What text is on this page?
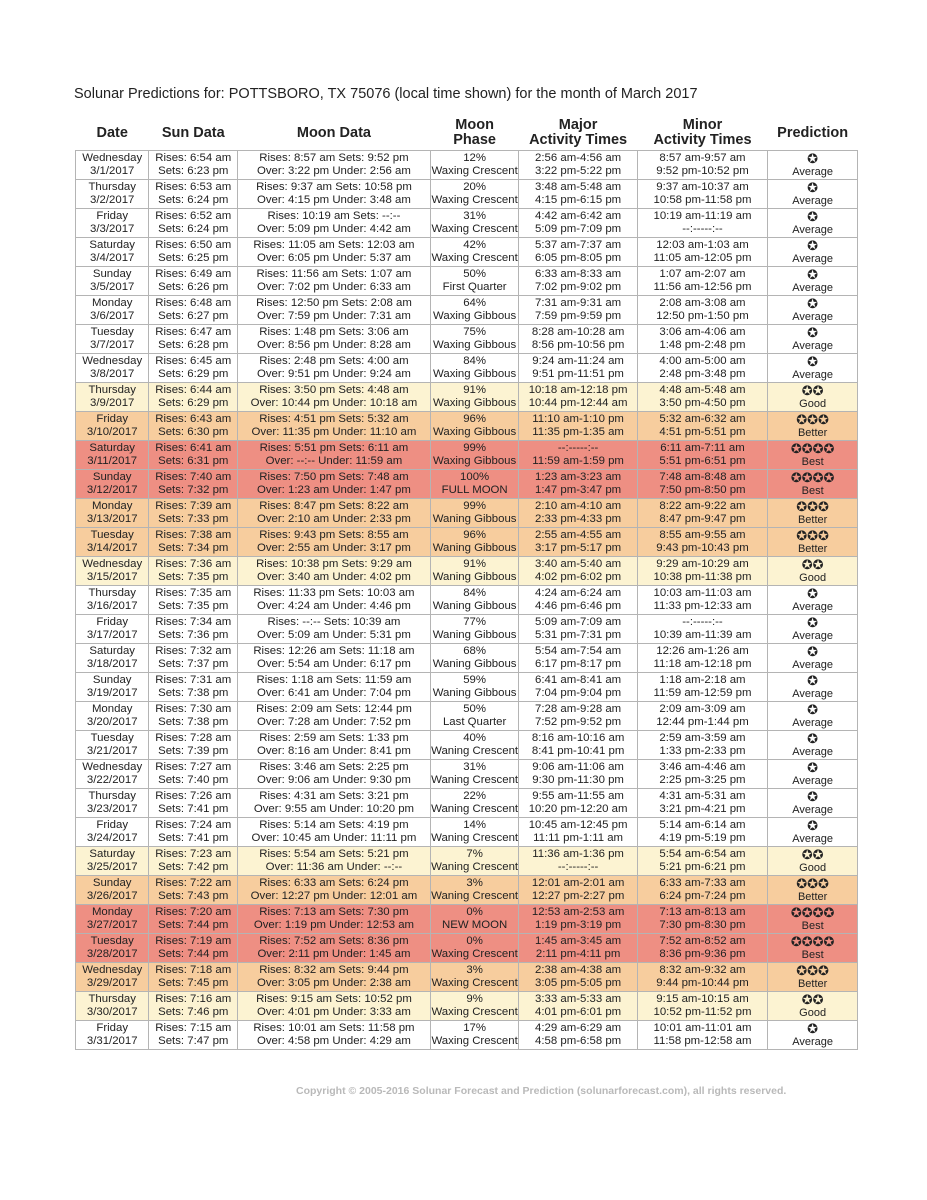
Solunar Predictions for: POTTSBORO, TX 75076 (local time shown) for the month of March 2017
Date	Sun Data	Moon Data	Moon
Phase	Major
Activity Times	Minor
Activity Times	Prediction

Wednesday
3/1/2017	Rises: 6:54 am
Sets: 6:23 pm	Rises: 8:57 am Sets: 9:52 pm
Over: 3:22 pm Under: 2:56 am	12%
Waxing Crescent	2:56 am-4:56 am
3:22 pm-5:22 pm	8:57 am-9:57 am
9:52 pm-10:52 pm	✪
Average

Thursday
3/2/2017	Rises: 6:53 am
Sets: 6:24 pm	Rises: 9:37 am Sets: 10:58 pm
Over: 4:15 pm Under: 3:48 am	20%
Waxing Crescent	3:48 am-5:48 am
4:15 pm-6:15 pm	9:37 am-10:37 am
10:58 pm-11:58 pm	✪
Average

Friday
3/3/2017	Rises: 6:52 am
Sets: 6:24 pm	Rises: 10:19 am Sets: --:--
Over: 5:09 pm Under: 4:42 am	31%
Waxing Crescent	4:42 am-6:42 am
5:09 pm-7:09 pm	10:19 am-11:19 am
--:-----:--	✪
Average

Saturday
3/4/2017	Rises: 6:50 am
Sets: 6:25 pm	Rises: 11:05 am Sets: 12:03 am
Over: 6:05 pm Under: 5:37 am	42%
Waxing Crescent	5:37 am-7:37 am
6:05 pm-8:05 pm	12:03 am-1:03 am
11:05 am-12:05 pm	✪
Average

Sunday
3/5/2017	Rises: 6:49 am
Sets: 6:26 pm	Rises: 11:56 am Sets: 1:07 am
Over: 7:02 pm Under: 6:33 am	50%
First Quarter	6:33 am-8:33 am
7:02 pm-9:02 pm	1:07 am-2:07 am
11:56 am-12:56 pm	✪
Average

Monday
3/6/2017	Rises: 6:48 am
Sets: 6:27 pm	Rises: 12:50 pm Sets: 2:08 am
Over: 7:59 pm Under: 7:31 am	64%
Waxing Gibbous	7:31 am-9:31 am
7:59 pm-9:59 pm	2:08 am-3:08 am
12:50 pm-1:50 pm	✪
Average

Tuesday
3/7/2017	Rises: 6:47 am
Sets: 6:28 pm	Rises: 1:48 pm Sets: 3:06 am
Over: 8:56 pm Under: 8:28 am	75%
Waxing Gibbous	8:28 am-10:28 am
8:56 pm-10:56 pm	3:06 am-4:06 am
1:48 pm-2:48 pm	✪
Average

Wednesday
3/8/2017	Rises: 6:45 am
Sets: 6:29 pm	Rises: 2:48 pm Sets: 4:00 am
Over: 9:51 pm Under: 9:24 am	84%
Waxing Gibbous	9:24 am-11:24 am
9:51 pm-11:51 pm	4:00 am-5:00 am
2:48 pm-3:48 pm	✪
Average

Thursday
3/9/2017	Rises: 6:44 am
Sets: 6:29 pm	Rises: 3:50 pm Sets: 4:48 am
Over: 10:44 pm Under: 10:18 am	91%
Waxing Gibbous	10:18 am-12:18 pm
10:44 pm-12:44 am	4:48 am-5:48 am
3:50 pm-4:50 pm	✪✪
Good

Friday
3/10/2017	Rises: 6:43 am
Sets: 6:30 pm	Rises: 4:51 pm Sets: 5:32 am
Over: 11:35 pm Under: 11:10 am	96%
Waxing Gibbous	11:10 am-1:10 pm
11:35 pm-1:35 am	5:32 am-6:32 am
4:51 pm-5:51 pm	✪✪✪
Better

Saturday
3/11/2017	Rises: 6:41 am
Sets: 6:31 pm	Rises: 5:51 pm Sets: 6:11 am
Over: --:-- Under: 11:59 am	99%
Waxing Gibbous	--:-----:--
11:59 am-1:59 pm	6:11 am-7:11 am
5:51 pm-6:51 pm	✪✪✪✪
Best

Sunday
3/12/2017	Rises: 7:40 am
Sets: 7:32 pm	Rises: 7:50 pm Sets: 7:48 am
Over: 1:23 am Under: 1:47 pm	100%
FULL MOON	1:23 am-3:23 am
1:47 pm-3:47 pm	7:48 am-8:48 am
7:50 pm-8:50 pm	✪✪✪✪
Best

Monday
3/13/2017	Rises: 7:39 am
Sets: 7:33 pm	Rises: 8:47 pm Sets: 8:22 am
Over: 2:10 am Under: 2:33 pm	99%
Waning Gibbous	2:10 am-4:10 am
2:33 pm-4:33 pm	8:22 am-9:22 am
8:47 pm-9:47 pm	✪✪✪
Better

Tuesday
3/14/2017	Rises: 7:38 am
Sets: 7:34 pm	Rises: 9:43 pm Sets: 8:55 am
Over: 2:55 am Under: 3:17 pm	96%
Waning Gibbous	2:55 am-4:55 am
3:17 pm-5:17 pm	8:55 am-9:55 am
9:43 pm-10:43 pm	✪✪✪
Better

Wednesday
3/15/2017	Rises: 7:36 am
Sets: 7:35 pm	Rises: 10:38 pm Sets: 9:29 am
Over: 3:40 am Under: 4:02 pm	91%
Waning Gibbous	3:40 am-5:40 am
4:02 pm-6:02 pm	9:29 am-10:29 am
10:38 pm-11:38 pm	✪✪
Good

Thursday
3/16/2017	Rises: 7:35 am
Sets: 7:35 pm	Rises: 11:33 pm Sets: 10:03 am
Over: 4:24 am Under: 4:46 pm	84%
Waning Gibbous	4:24 am-6:24 am
4:46 pm-6:46 pm	10:03 am-11:03 am
11:33 pm-12:33 am	✪
Average

Friday
3/17/2017	Rises: 7:34 am
Sets: 7:36 pm	Rises: --:-- Sets: 10:39 am
Over: 5:09 am Under: 5:31 pm	77%
Waning Gibbous	5:09 am-7:09 am
5:31 pm-7:31 pm	--:-----:--
10:39 am-11:39 am	✪
Average

Saturday
3/18/2017	Rises: 7:32 am
Sets: 7:37 pm	Rises: 12:26 am Sets: 11:18 am
Over: 5:54 am Under: 6:17 pm	68%
Waning Gibbous	5:54 am-7:54 am
6:17 pm-8:17 pm	12:26 am-1:26 am
11:18 am-12:18 pm	✪
Average

Sunday
3/19/2017	Rises: 7:31 am
Sets: 7:38 pm	Rises: 1:18 am Sets: 11:59 am
Over: 6:41 am Under: 7:04 pm	59%
Waning Gibbous	6:41 am-8:41 am
7:04 pm-9:04 pm	1:18 am-2:18 am
11:59 am-12:59 pm	✪
Average

Monday
3/20/2017	Rises: 7:30 am
Sets: 7:38 pm	Rises: 2:09 am Sets: 12:44 pm
Over: 7:28 am Under: 7:52 pm	50%
Last Quarter	7:28 am-9:28 am
7:52 pm-9:52 pm	2:09 am-3:09 am
12:44 pm-1:44 pm	✪
Average

Tuesday
3/21/2017	Rises: 7:28 am
Sets: 7:39 pm	Rises: 2:59 am Sets: 1:33 pm
Over: 8:16 am Under: 8:41 pm	40%
Waning Crescent	8:16 am-10:16 am
8:41 pm-10:41 pm	2:59 am-3:59 am
1:33 pm-2:33 pm	✪
Average

Wednesday
3/22/2017	Rises: 7:27 am
Sets: 7:40 pm	Rises: 3:46 am Sets: 2:25 pm
Over: 9:06 am Under: 9:30 pm	31%
Waning Crescent	9:06 am-11:06 am
9:30 pm-11:30 pm	3:46 am-4:46 am
2:25 pm-3:25 pm	✪
Average

Thursday
3/23/2017	Rises: 7:26 am
Sets: 7:41 pm	Rises: 4:31 am Sets: 3:21 pm
Over: 9:55 am Under: 10:20 pm	22%
Waning Crescent	9:55 am-11:55 am
10:20 pm-12:20 am	4:31 am-5:31 am
3:21 pm-4:21 pm	✪
Average

Friday
3/24/2017	Rises: 7:24 am
Sets: 7:41 pm	Rises: 5:14 am Sets: 4:19 pm
Over: 10:45 am Under: 11:11 pm	14%
Waning Crescent	10:45 am-12:45 pm
11:11 pm-1:11 am	5:14 am-6:14 am
4:19 pm-5:19 pm	✪
Average

Saturday
3/25/2017	Rises: 7:23 am
Sets: 7:42 pm	Rises: 5:54 am Sets: 5:21 pm
Over: 11:36 am Under: --:--	7%
Waning Crescent	11:36 am-1:36 pm
--:-----:--	5:54 am-6:54 am
5:21 pm-6:21 pm	✪✪
Good

Sunday
3/26/2017	Rises: 7:22 am
Sets: 7:43 pm	Rises: 6:33 am Sets: 6:24 pm
Over: 12:27 pm Under: 12:01 am	3%
Waning Crescent	12:01 am-2:01 am
12:27 pm-2:27 pm	6:33 am-7:33 am
6:24 pm-7:24 pm	✪✪✪
Better

Monday
3/27/2017	Rises: 7:20 am
Sets: 7:44 pm	Rises: 7:13 am Sets: 7:30 pm
Over: 1:19 pm Under: 12:53 am	0%
NEW MOON	12:53 am-2:53 am
1:19 pm-3:19 pm	7:13 am-8:13 am
7:30 pm-8:30 pm	✪✪✪✪
Best

Tuesday
3/28/2017	Rises: 7:19 am
Sets: 7:44 pm	Rises: 7:52 am Sets: 8:36 pm
Over: 2:11 pm Under: 1:45 am	0%
Waxing Crescent	1:45 am-3:45 am
2:11 pm-4:11 pm	7:52 am-8:52 am
8:36 pm-9:36 pm	✪✪✪✪
Best

Wednesday
3/29/2017	Rises: 7:18 am
Sets: 7:45 pm	Rises: 8:32 am Sets: 9:44 pm
Over: 3:05 pm Under: 2:38 am	3%
Waxing Crescent	2:38 am-4:38 am
3:05 pm-5:05 pm	8:32 am-9:32 am
9:44 pm-10:44 pm	✪✪✪
Better

Thursday
3/30/2017	Rises: 7:16 am
Sets: 7:46 pm	Rises: 9:15 am Sets: 10:52 pm
Over: 4:01 pm Under: 3:33 am	9%
Waxing Crescent	3:33 am-5:33 am
4:01 pm-6:01 pm	9:15 am-10:15 am
10:52 pm-11:52 pm	✪✪
Good

Friday
3/31/2017	Rises: 7:15 am
Sets: 7:47 pm	Rises: 10:01 am Sets: 11:58 pm
Over: 4:58 pm Under: 4:29 am	17%
Waxing Crescent	4:29 am-6:29 am
4:58 pm-6:58 pm	10:01 am-11:01 am
11:58 pm-12:58 am	✪
Average
Copyright © 2005-2016 Solunar Forecast and Prediction (solunarforecast.com), all rights reserved.
